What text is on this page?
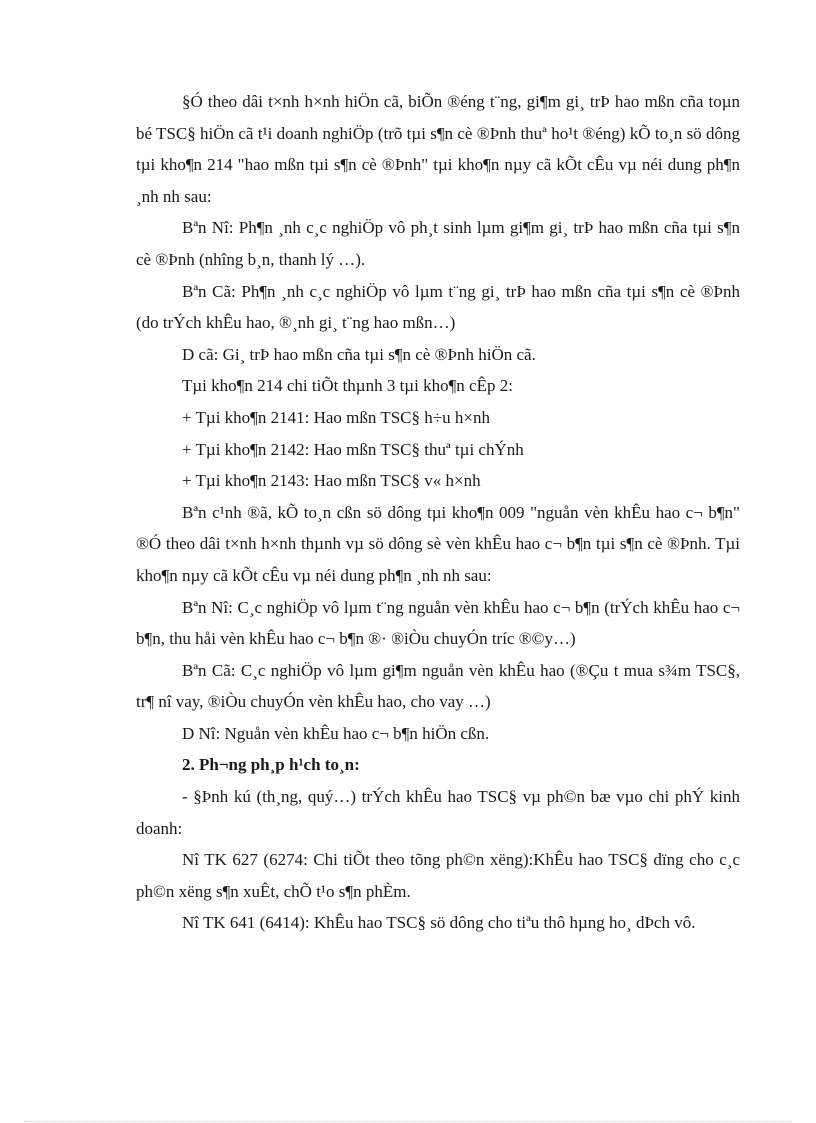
§Ó theo dâi t×nh h×nh hiÖn cã, biÕn ®éng t¨ng, gi¶m gi¸ trÞ hao mßn cña toµn bé TSC§ hiÖn cã t¹i doanh nghiÖp (trõ tµi s¶n cè ®Þnh thuª ho¹t ®éng) kÕ to¸n sö dông tµi kho¶n 214 "hao mßn tµi s¶n cè ®Þnh" tµi kho¶n nµy cã kÕt cÊu vµ néi dung ph¶n ¸nh nh sau:

Bªn Nî: Ph¶n ¸nh c¸c nghiÖp vô ph¸t sinh lµm gi¶m gi¸ trÞ hao mßn cña tµi s¶n cè ®Þnh (nhîng b¸n, thanh lý …).

Bªn Cã: Ph¶n ¸nh c¸c nghiÖp vô lµm t¨ng gi¸ trÞ hao mßn cña tµi s¶n cè ®Þnh (do trÝch khÊu hao, ®¸nh gi¸ t¨ng hao mßn…)

D cã: Gi¸ trÞ hao mßn cña tµi s¶n cè ®Þnh hiÖn cã.

Tµi kho¶n 214 chi tiÕt thµnh 3 tµi kho¶n cÊp 2:

+ Tµi kho¶n 2141: Hao mßn TSC§ h÷u h×nh

+ Tµi kho¶n 2142: Hao mßn TSC§ thuª tµi chÝnh

+ Tµi kho¶n 2143: Hao mßn TSC§ v« h×nh

Bªn c¹nh ®ã, kÕ to¸n cßn sö dông tµi kho¶n 009 "nguån vèn khÊu hao c¬ b¶n" ®Ó theo dâi t×nh h×nh thµnh vµ sö dông sè vèn khÊu hao c¬ b¶n tµi s¶n cè ®Þnh. Tµi kho¶n nµy cã kÕt cÊu vµ néi dung ph¶n ¸nh nh sau:

Bªn Nî: C¸c nghiÖp vô lµm t¨ng nguån vèn khÊu hao c¬ b¶n (trÝch khÊu hao c¬ b¶n, thu håi vèn khÊu hao c¬ b¶n ®· ®iÒu chuyÓn tríc ®©y…)

Bªn Cã: C¸c nghiÖp vô lµm gi¶m nguån vèn khÊu hao (®Çu t mua s¾m TSC§, tr¶ nî vay, ®iÒu chuyÓn vèn khÊu hao, cho vay …)

D Nî: Nguån vèn khÊu hao c¬ b¶n hiÖn cßn.

2. Ph¬ng ph¸p h¹ch to¸n:

- §Þnh kú (th¸ng, quý…) trÝch khÊu hao TSC§ vµ ph©n bæ vµo chi phÝ kinh doanh:

Nî TK 627 (6274: Chi tiÕt theo tõng ph©n xëng):KhÊu hao TSC§ dïng cho c¸c ph©n xëng s¶n xuÊt, chÕ t¹o s¶n phÈm.

Nî TK 641 (6414): KhÊu hao TSC§ sö dông cho tiªu thô hµng ho¸ dÞch vô.
